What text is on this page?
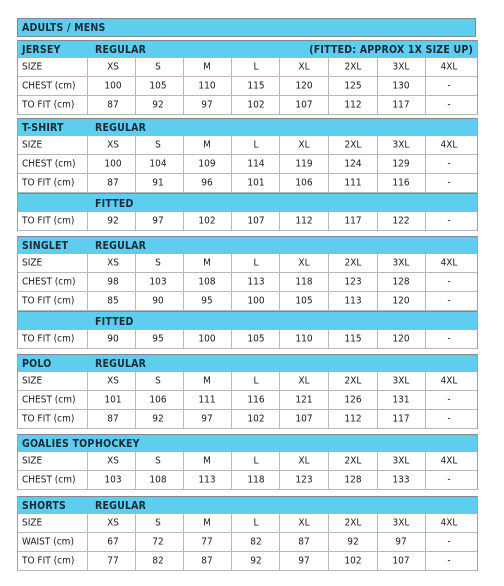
ADULTS / MENS
JERSEY	REGULAR	(FITTED: APPROX 1X SIZE UP)
SIZE	XS	S	M	L	XL	2XL	3XL	4XL
CHEST (cm)	100	105	110	115	120	125	130	-
TO FIT (cm)	87	92	97	102	107	112	117	-
T-SHIRT	REGULAR
SIZE	XS	S	M	L	XL	2XL	3XL	4XL
CHEST (cm)	100	104	109	114	119	124	129	-
TO FIT (cm)	87	91	96	101	106	111	116	-
FITTED
TO FIT (cm)	92	97	102	107	112	117	122	-
SINGLET	REGULAR
SIZE	XS	S	M	L	XL	2XL	3XL	4XL
CHEST (cm)	98	103	108	113	118	123	128	-
TO FIT (cm)	85	90	95	100	105	113	120	-
FITTED
TO FIT (cm)	90	95	100	105	110	115	120	-
POLO	REGULAR
SIZE	XS	S	M	L	XL	2XL	3XL	4XL
CHEST (cm)	101	106	111	116	121	126	131	-
TO FIT (cm)	87	92	97	102	107	112	117	-
GOALIES TOP HOCKEY
SIZE	XS	S	M	L	XL	2XL	3XL	4XL
CHEST (cm)	103	108	113	118	123	128	133	-
SHORTS	REGULAR
SIZE	XS	S	M	L	XL	2XL	3XL	4XL
WAIST (cm)	67	72	77	82	87	92	97	-
TO FIT (cm)	77	82	87	92	97	102	107	-
